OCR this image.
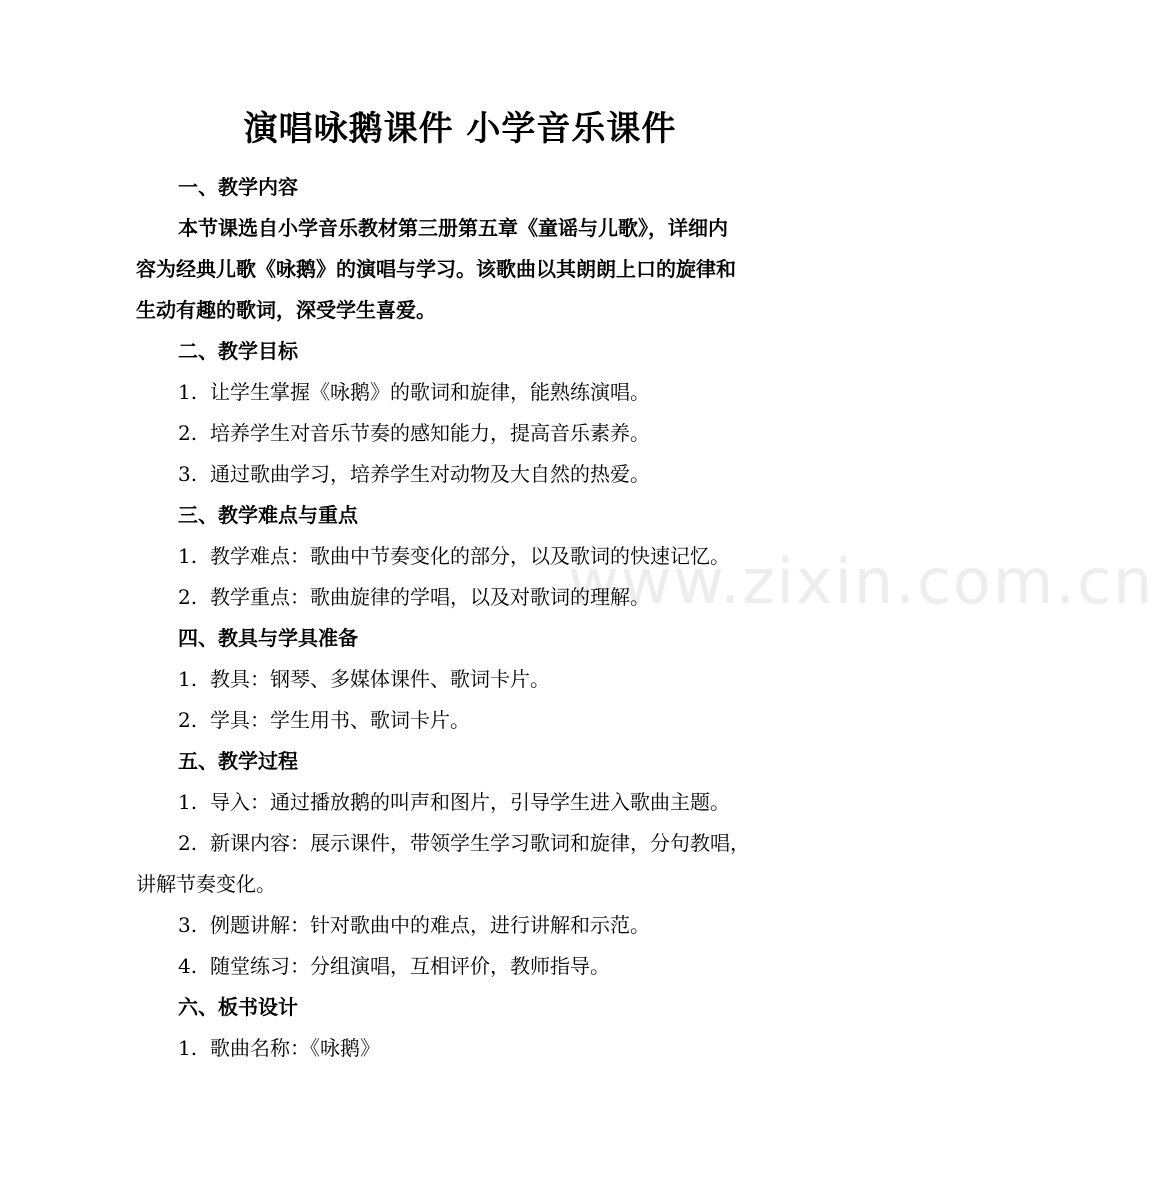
演唱咏鹅课件 小学音乐课件
一、教学内容
本节课选自小学音乐教材第三册第五章《童谣与儿歌》，详细内
容为经典儿歌《咏鹅》的演唱与学习。该歌曲以其朗朗上口的旋律和
生动有趣的歌词，深受学生喜爱。
二、教学目标
1. 让学生掌握《咏鹅》的歌词和旋律，能熟练演唱。
2. 培养学生对音乐节奏的感知能力，提高音乐素养。
3. 通过歌曲学习，培养学生对动物及大自然的热爱。
三、教学难点与重点
1. 教学难点：歌曲中节奏变化的部分，以及歌词的快速记忆。
2. 教学重点：歌曲旋律的学唱，以及对歌词的理解。
四、教具与学具准备
1. 教具：钢琴、多媒体课件、歌词卡片。
2. 学具：学生用书、歌词卡片。
五、教学过程
1. 导入：通过播放鹅的叫声和图片，引导学生进入歌曲主题。
2. 新课内容：展示课件，带领学生学习歌词和旋律，分句教唱，
讲解节奏变化。
3. 例题讲解：针对歌曲中的难点，进行讲解和示范。
4. 随堂练习：分组演唱，互相评价，教师指导。
六、板书设计
1. 歌曲名称：《咏鹅》
www.zixin.com.cn
